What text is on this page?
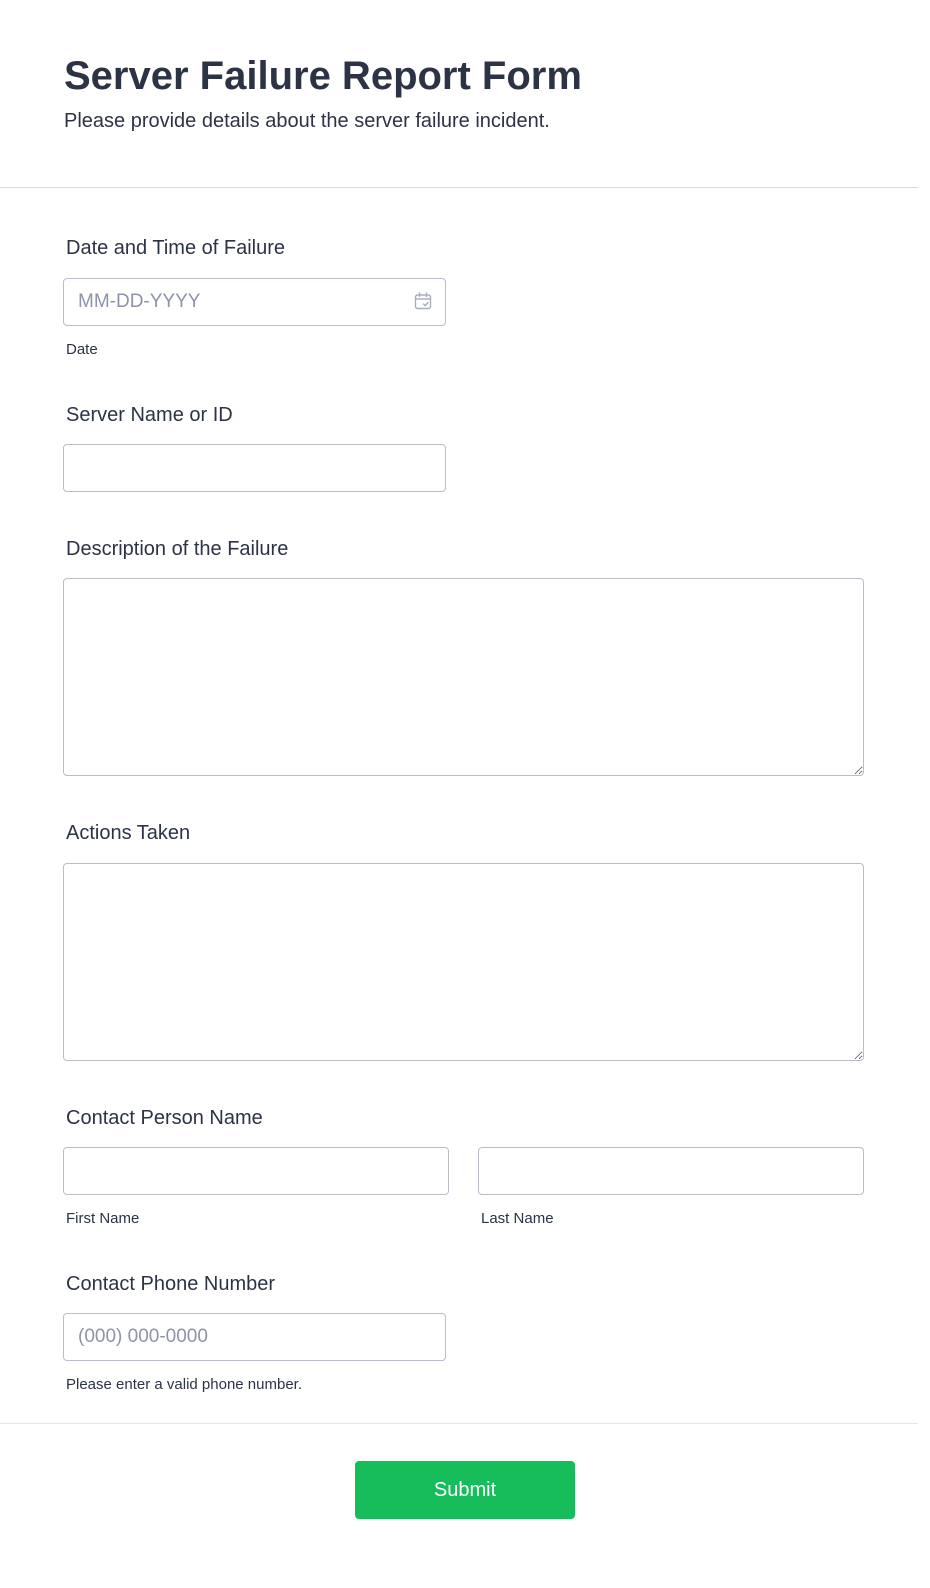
Server Failure Report Form

Please provide details about the server failure incident.

Date and Time of Failure
MM-DD-YYYY
Date
Server Name or ID
Description of the Failure
Actions Taken
Contact Person Name
First Name	Last Name
Contact Phone Number
(000) 000-0000
Please enter a valid phone number.
Submit
